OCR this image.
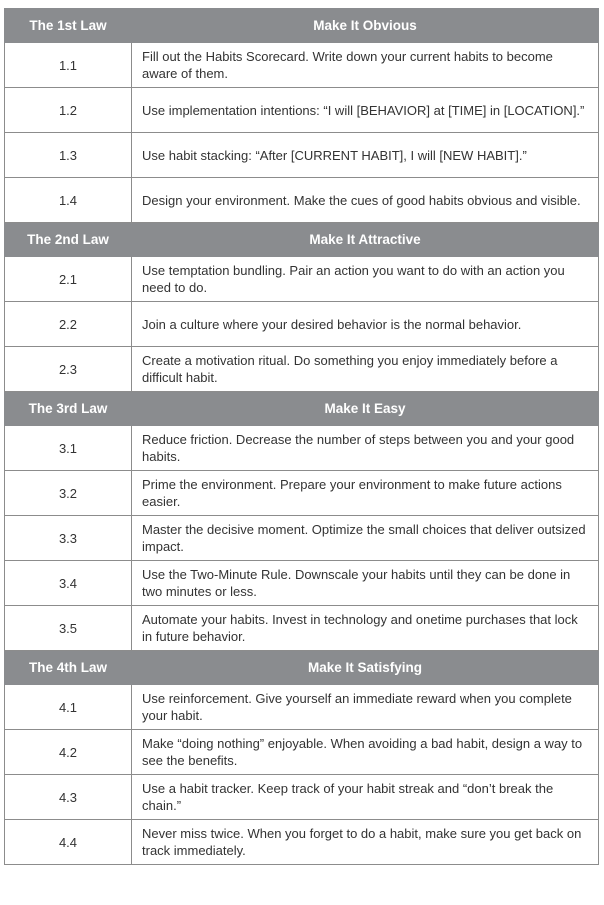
The 1st Law	Make It Obvious
1.1	Fill out the Habits Scorecard. Write down your current habits to become aware of them.
1.2	Use implementation intentions: “I will [BEHAVIOR] at [TIME] in [LOCATION].”
1.3	Use habit stacking: “After [CURRENT HABIT], I will [NEW HABIT].”
1.4	Design your environment. Make the cues of good habits obvious and visible.
The 2nd Law	Make It Attractive
2.1	Use temptation bundling. Pair an action you want to do with an action you need to do.
2.2	Join a culture where your desired behavior is the normal behavior.
2.3	Create a motivation ritual. Do something you enjoy immediately before a difficult habit.
The 3rd Law	Make It Easy
3.1	Reduce friction. Decrease the number of steps between you and your good habits.
3.2	Prime the environment. Prepare your environment to make future actions easier.
3.3	Master the decisive moment. Optimize the small choices that deliver outsized impact.
3.4	Use the Two-Minute Rule. Downscale your habits until they can be done in two minutes or less.
3.5	Automate your habits. Invest in technology and onetime purchases that lock in future behavior.
The 4th Law	Make It Satisfying
4.1	Use reinforcement. Give yourself an immediate reward when you complete your habit.
4.2	Make “doing nothing” enjoyable. When avoiding a bad habit, design a way to see the benefits.
4.3	Use a habit tracker. Keep track of your habit streak and “don’t break the chain.”
4.4	Never miss twice. When you forget to do a habit, make sure you get back on track immediately.
